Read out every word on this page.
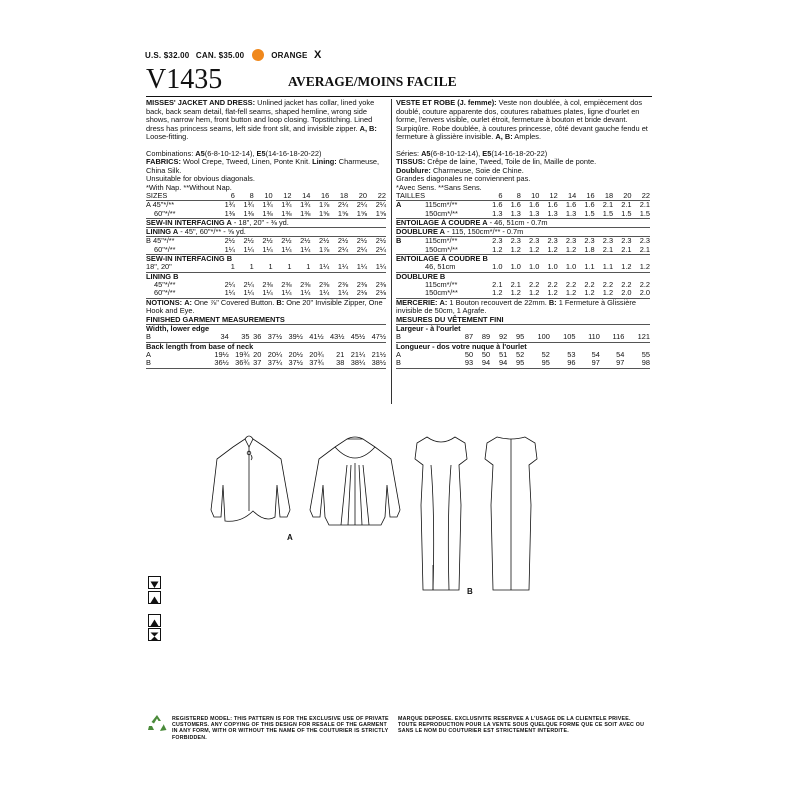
U.S. $32.00 CAN. $35.00	ORANGE X
V1435	AVERAGE/MOINS FACILE

MISSES' JACKET AND DRESS: Unlined jacket has collar, lined yoke back, back seam detail, flat-fell seams, shaped hemline, wrong side shows, narrow hem, front button and loop closing. Topstitching. Lined dress has princess seams, left side front slit, and invisible zipper. A, B: Loose-fitting.

Combinations: A5(6-8-10-12-14), E5(14-16-18-20-22)

FABRICS: Wool Crepe, Tweed, Linen, Ponte Knit. Lining: Charmeuse, China Silk.

Unsuitable for obvious diagonals.

*With Nap. **Without Nap.

SIZES	6	8	10	12	14	16	18	20	22
A 45"*/**	1¾	1¾	1¾	1¾	1¾	1⅞	2¼	2¼	2¼
60"*/**	1⅜	1⅜	1⅜	1⅜	1⅜	1⅝	1⅝	1⅝	1⅝
SEW-IN INTERFACING A - 18", 20" - ⅜ yd.									
LINING A - 45", 60"*/** - ⅝ yd.									
B 45"*/**	2½	2½	2½	2½	2½	2½	2½	2½	2½
60"*/**	1¼	1¼	1¼	1¼	1¼	1⅞	2¼	2¼	2¼
SEW-IN INTERFACING B									
18", 20"	1	1	1	1	1	1¼	1¼	1¼	1¼
LINING B									
45"*/**	2¼	2¼	2⅜	2⅜	2⅜	2⅜	2⅜	2⅜	2⅜
60"*/**	1¼	1¼	1¼	1¼	1¼	1¼	1¼	2⅛	2⅛

NOTIONS: A: One ⅞" Covered Button. B: One 20" Invisible Zipper, One Hook and Eye.

FINISHED GARMENT MEASUREMENTS

Width, lower edge									
B	34	35	36	37½	39½	41½	43½	45½	47½
Back length from base of neck									
A	19½	19¾	20	20¼	20½	20¾	21	21¼	21½
B	36½	36¾	37	37¼	37½	37¾	38	38¼	38½

VESTE ET ROBE (J. femme): Veste non doublée, à col, empiècement dos doublé, couture apparente dos, coutures rabattues plates, ligne d'ourlet en forme, l'envers visible, ourlet étroit, fermeture à bouton et bride devant. Surpiqûre. Robe doublée, à coutures princesse, côté devant gauche fendu et fermeture à glissière invisible. A, B: Amples.

Séries: A5(6-8-10-12-14), E5(14-16-18-20-22)

TISSUS: Crêpe de laine, Tweed, Toile de lin, Maille de ponte.

Doublure: Charmeuse, Soie de Chine.

Grandes diagonales ne conviennent pas.

*Avec Sens. **Sans Sens.

TAILLES		6	8	10	12	14	16	18	20	22
A	115cm*/**	1.6	1.6	1.6	1.6	1.6	1.6	2.1	2.1	2.1
	150cm*/**	1.3	1.3	1.3	1.3	1.3	1.5	1.5	1.5	1.5
ENTOILAGE À COUDRE A - 46, 51cm - 0.7m										
DOUBLURE A - 115, 150cm*/** - 0.7m										
B	115cm*/**	2.3	2.3	2.3	2.3	2.3	2.3	2.3	2.3	2.3
	150cm*/**	1.2	1.2	1.2	1.2	1.2	1.8	2.1	2.1	2.1
ENTOILAGE À COUDRE B										
	46, 51cm	1.0	1.0	1.0	1.0	1.0	1.1	1.1	1.2	1.2
DOUBLURE B										
	115cm*/**	2.1	2.1	2.2	2.2	2.2	2.2	2.2	2.2	2.2
	150cm*/**	1.2	1.2	1.2	1.2	1.2	1.2	1.2	2.0	2.0

MERCERIE: A: 1 Bouton recouvert de 22mm. B: 1 Fermeture à Glissière invisible de 50cm, 1 Agrafe.

MESURES DU VÊTEMENT FINI

Largeur - à l'ourlet									
B	87	89	92	95	100	105	110	116	121
Longueur - dos votre nuque à l'ourlet									
A	50	50	51	52	52	53	54	54	55
B	93	94	94	95	95	96	97	97	98
A
B
REGISTERED MODEL: THIS PATTERN IS FOR THE EXCLUSIVE USE OF PRIVATE CUSTOMERS. ANY COPYING OF THIS DESIGN FOR RESALE OF THE GARMENT IN ANY FORM, WITH OR WITHOUT THE NAME OF THE COUTURIER IS STRICTLY FORBIDDEN.
MARQUE DEPOSEE. EXCLUSIVITE RESERVEE A L'USAGE DE LA CLIENTELE PRIVEE. TOUTE REPRODUCTION POUR LA VENTE SOUS QUELQUE FORME QUE CE SOIT AVEC OU SANS LE NOM DU COUTURIER EST STRICTEMENT INTERDITE.
